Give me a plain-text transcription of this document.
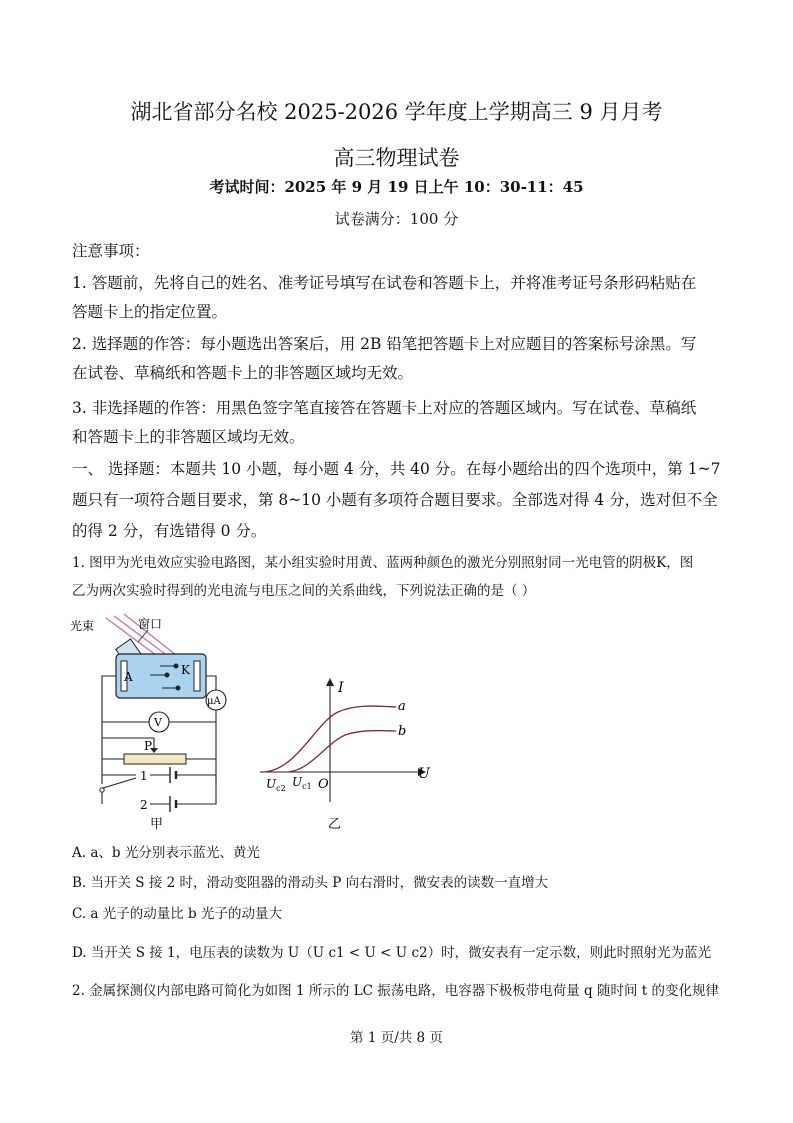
湖北省部分名校 2025-2026 学年度上学期高三 9 月月考
高三物理试卷
考试时间：2025 年 9 月 19 日上午 10：30-11：45
试卷满分：100 分
注意事项：
1. 答题前，先将自己的姓名、准考证号填写在试卷和答题卡上，并将准考证号条形码粘贴在
答题卡上的指定位置。
2. 选择题的作答：每小题选出答案后，用 2B 铅笔把答题卡上对应题目的答案标号涂黑。写
在试卷、草稿纸和答题卡上的非答题区域均无效。
3. 非选择题的作答：用黑色签字笔直接答在答题卡上对应的答题区域内。写在试卷、草稿纸
和答题卡上的非答题区域均无效。
一、 选择题：本题共 10 小题，每小题 4 分，共 40 分。在每小题给出的四个选项中，第 1~7
题只有一项符合题目要求，第 8~10 小题有多项符合题目要求。全部选对得 4 分，选对但不全
的得 2 分，有选错得 0 分。
1. 图甲为光电效应实验电路图，某小组实验时用黄、蓝两种颜色的激光分别照射同一光电管的阴极K，图
乙为两次实验时得到的光电流与电压之间的关系曲线，下列说法正确的是（ ）
光束	窗口
A	K
μA
V
P
1
2
甲
I
U
a
b
O
$U_{c2}$ $U_{c1}$
乙
A. a、b 光分别表示蓝光、黄光
B. 当开关 S 接 2 时，滑动变阻器的滑动头 P 向右滑时，微安表的读数一直增大
C. a 光子的动量比 b 光子的动量大
D. 当开关 S 接 1，电压表的读数为 U（U c1 < U < U c2）时，微安表有一定示数，则此时照射光为蓝光
2. 金属探测仪内部电路可简化为如图 1 所示的 LC 振荡电路，电容器下极板带电荷量 q 随时间 t 的变化规律
第 1 页/共 8 页
